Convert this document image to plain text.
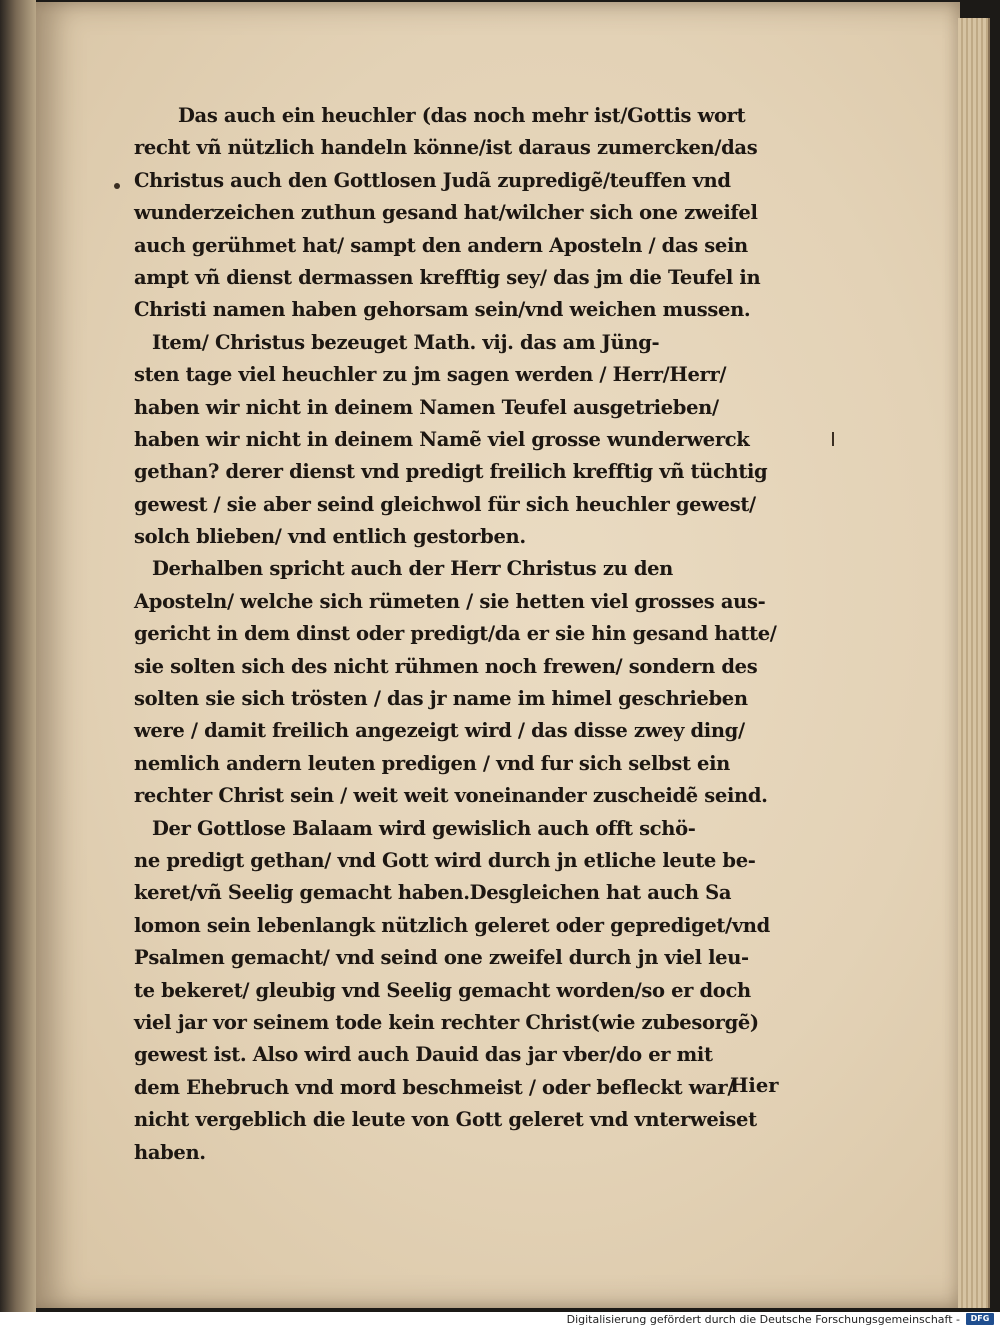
Das auch ein heuchler (das noch mehr ist/Gottis wort
recht vñ nützlich handeln könne/ist daraus zumercken/das
Christus auch den Gottlosen Judã zupredigẽ/teuffen vnd
wunderzeichen zuthun gesand hat/wilcher sich one zweifel
auch gerühmet hat/ sampt den andern Aposteln / das sein
ampt vñ dienst dermassen krefftig sey/ das jm die Teufel in
Christi namen haben gehorsam sein/vnd weichen mussen.
Item/ Christus bezeuget Math. vij. das am Jüng-
sten tage viel heuchler zu jm sagen werden / Herr/Herr/
haben wir nicht in deinem Namen Teufel ausgetrieben/
haben wir nicht in deinem Namẽ viel grosse wunderwerck
gethan? derer dienst vnd predigt freilich krefftig vñ tüchtig
gewest / sie aber seind gleichwol für sich heuchler gewest/
solch blieben/ vnd entlich gestorben.
Derhalben spricht auch der Herr Christus zu den
Aposteln/ welche sich rümeten / sie hetten viel grosses aus-
gericht in dem dinst oder predigt/da er sie hin gesand hatte/
sie solten sich des nicht rühmen noch frewen/ sondern des
solten sie sich trösten / das jr name im himel geschrieben
were / damit freilich angezeigt wird / das disse zwey ding/
nemlich andern leuten predigen / vnd fur sich selbst ein
rechter Christ sein / weit weit voneinander zuscheidẽ seind.
Der Gottlose Balaam wird gewislich auch offt schö-
ne predigt gethan/ vnd Gott wird durch jn etliche leute be-
keret/vñ Seelig gemacht haben.Desgleichen hat auch Sa
lomon sein lebenlangk nützlich geleret oder geprediget/vnd
Psalmen gemacht/ vnd seind one zweifel durch jn viel leu-
te bekeret/ gleubig vnd Seelig gemacht worden/so er doch
viel jar vor seinem tode kein rechter Christ(wie zubesorgẽ)
gewest ist. Also wird auch Dauid das jar vber/do er mit
dem Ehebruch vnd mord beschmeist / oder befleckt war/
nicht vergeblich die leute von Gott geleret vnd vnterweiset
haben.
Hier
Digitalisierung gefördert durch die Deutsche Forschungsgemeinschaft -	DFG
